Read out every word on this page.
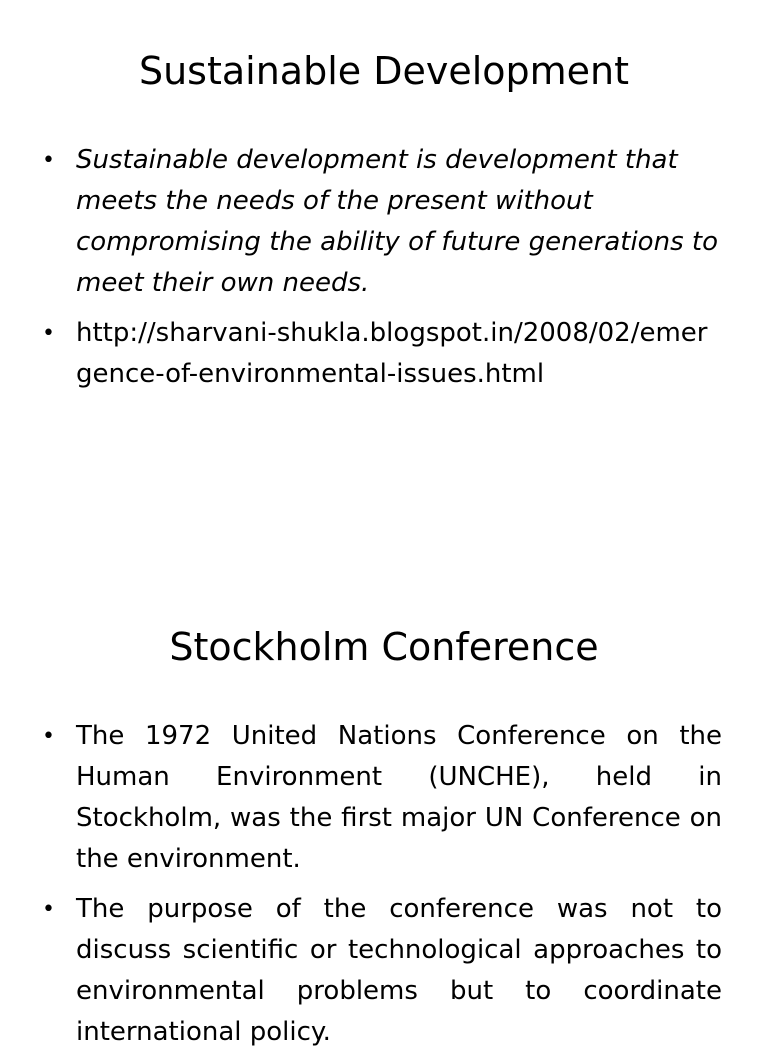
Sustainable Development
• Sustainable development is development that meets the needs of the present without compromising the ability of future generations to meet their own needs.
• http://sharvani-shukla.blogspot.in/2008/02/emergence-of-environmental-issues.html
Stockholm Conference
• The 1972 United Nations Conference on the Human Environment (UNCHE), held in Stockholm, was the first major UN Conference on the environment.
• The purpose of the conference was not to discuss scientific or technological approaches to environmental problems but to coordinate international policy.
